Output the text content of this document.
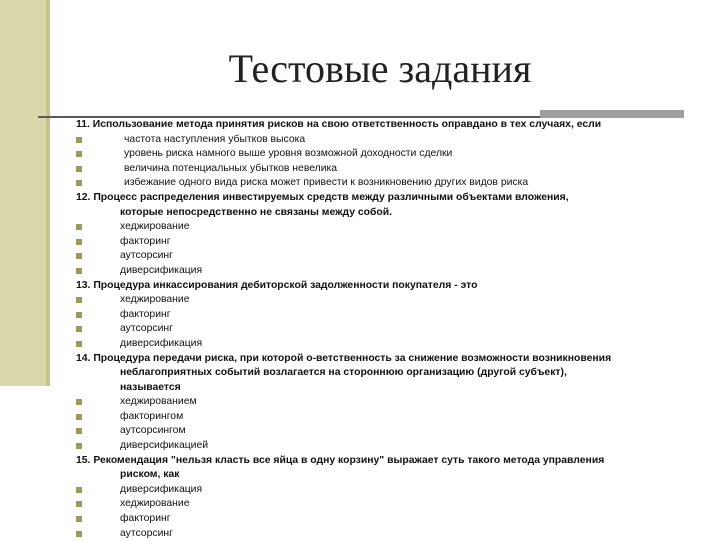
Тестовые задания
11. Использование метода принятия рисков на свою ответственность оправдано в тех случаях, если
частота наступления убытков высока
уровень риска намного выше уровня возможной доходности сделки
величина потенциальных убытков невелика
избежание одного вида риска может привести к возникновению других видов риска
12. Процесс распределения инвестируемых средств между различными объектами вложения,
которые непосредственно не связаны между собой.
хеджирование
факторинг
аутсорсинг
диверсификация
13. Процедура инкассирования дебиторской задолженности покупателя - это
хеджирование
факторинг
аутсорсинг
диверсификация
14. Процедура передачи риска, при которой о-ветственность за снижение возможности возникновения
неблагоприятных событий возлагается на стороннюю организацию (другой субъект),
называется
хеджированием
факторингом
аутсорсингом
диверсификацией
15. Рекомендация "нельзя класть все яйца в одну корзину" выражает суть такого метода управления
риском, как
диверсификация
хеджирование
факторинг
аутсорсинг
